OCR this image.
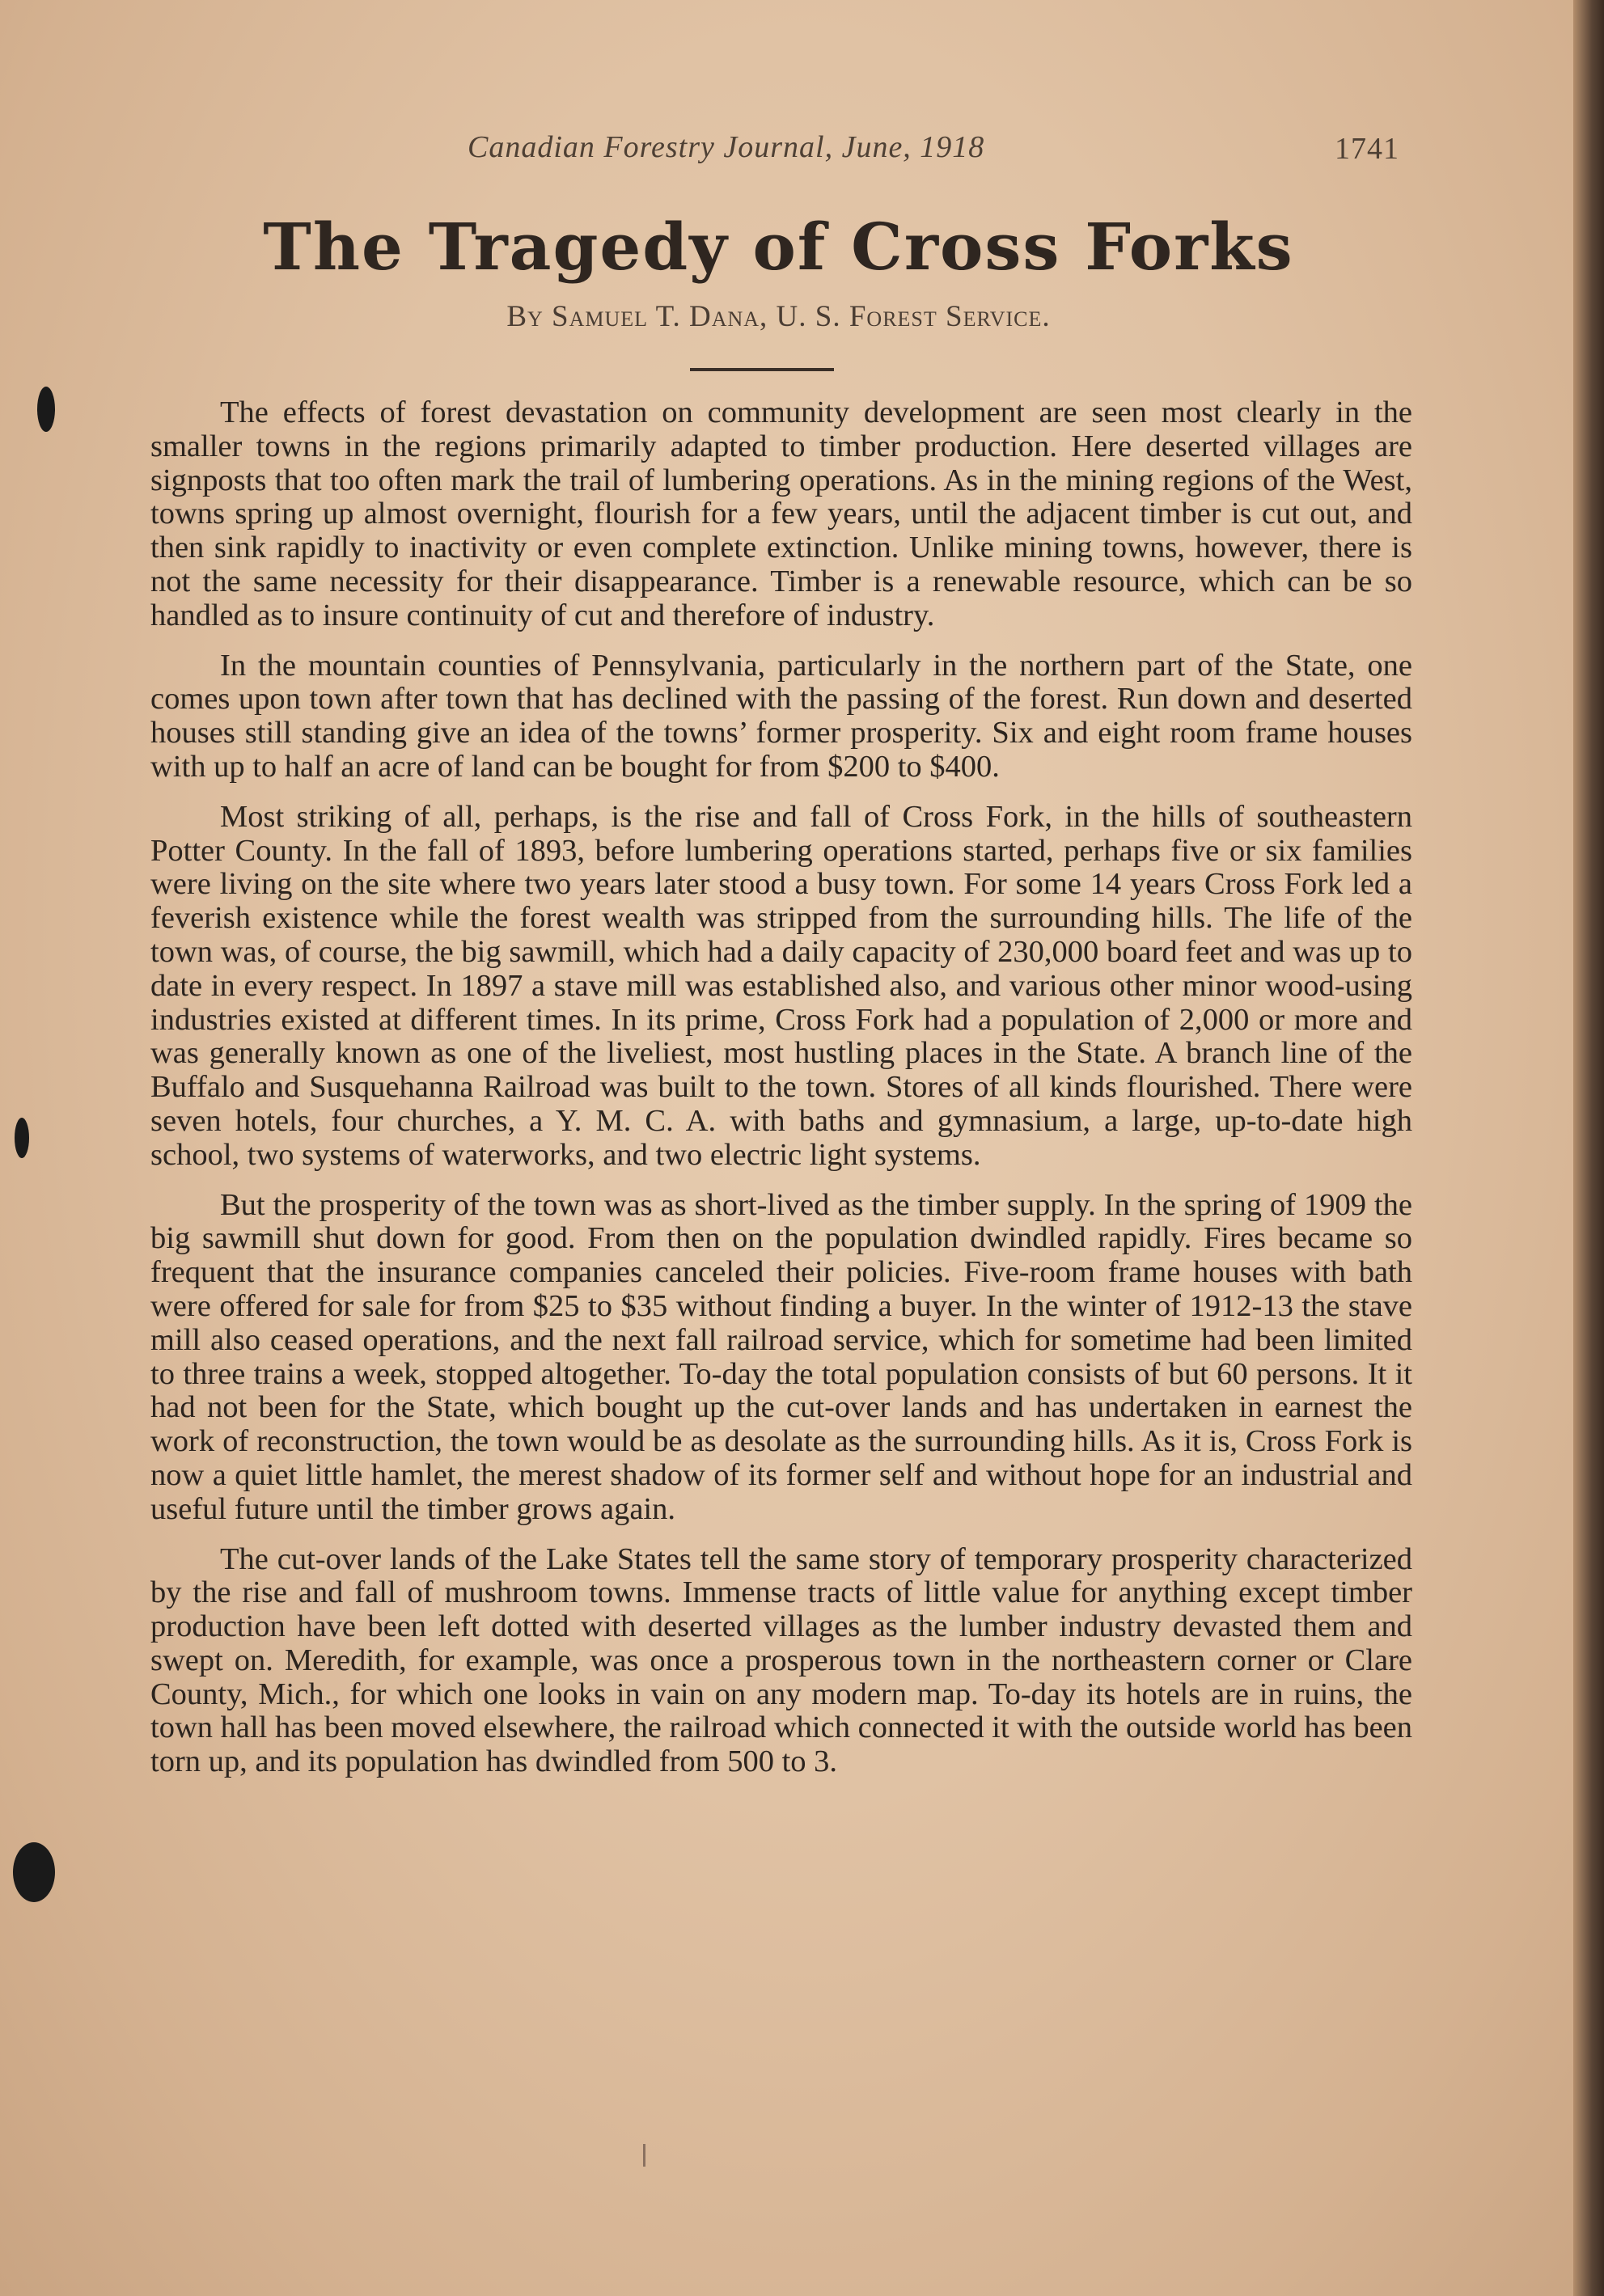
Canadian Forestry Journal, June, 1918	1741
The Tragedy of Cross Forks
By Samuel T. Dana, U. S. Forest Service.

The effects of forest devastation on community development are seen most clearly in the smaller towns in the regions primarily adapted to timber production. Here deserted villages are signposts that too often mark the trail of lumbering operations. As in the mining regions of the West, towns spring up almost overnight, flourish for a few years, until the adjacent timber is cut out, and then sink rapidly to inactivity or even complete extinction. Unlike mining towns, however, there is not the same necessity for their disappearance. Timber is a renewable resource, which can be so handled as to insure continuity of cut and therefore of industry.

In the mountain counties of Pennsylvania, particularly in the northern part of the State, one comes upon town after town that has declined with the passing of the forest. Run down and deserted houses still standing give an idea of the towns’ former prosperity. Six and eight room frame houses with up to half an acre of land can be bought for from $200 to $400.

Most striking of all, perhaps, is the rise and fall of Cross Fork, in the hills of southeastern Potter County. In the fall of 1893, before lumbering operations started, perhaps five or six families were living on the site where two years later stood a busy town. For some 14 years Cross Fork led a feverish existence while the forest wealth was stripped from the surrounding hills. The life of the town was, of course, the big sawmill, which had a daily capacity of 230,000 board feet and was up to date in every respect. In 1897 a stave mill was established also, and various other minor wood-using industries existed at different times. In its prime, Cross Fork had a population of 2,000 or more and was generally known as one of the liveliest, most hustling places in the State. A branch line of the Buffalo and Susquehanna Railroad was built to the town. Stores of all kinds flourished. There were seven hotels, four churches, a Y. M. C. A. with baths and gymnasium, a large, up-to-date high school, two systems of waterworks, and two electric light systems.

But the prosperity of the town was as short-lived as the timber supply. In the spring of 1909 the big sawmill shut down for good. From then on the population dwindled rapidly. Fires became so frequent that the insurance companies canceled their policies. Five-room frame houses with bath were offered for sale for from $25 to $35 without finding a buyer. In the winter of 1912-13 the stave mill also ceased operations, and the next fall railroad service, which for sometime had been limited to three trains a week, stopped altogether. To-day the total population consists of but 60 persons. It it had not been for the State, which bought up the cut-over lands and has undertaken in earnest the work of reconstruction, the town would be as desolate as the surrounding hills. As it is, Cross Fork is now a quiet little hamlet, the merest shadow of its former self and without hope for an industrial and useful future until the timber grows again.

The cut-over lands of the Lake States tell the same story of temporary prosperity characterized by the rise and fall of mushroom towns. Immense tracts of little value for anything except timber production have been left dotted with deserted villages as the lumber industry devasted them and swept on. Meredith, for example, was once a prosperous town in the northeastern corner or Clare County, Mich., for which one looks in vain on any modern map. To-day its hotels are in ruins, the town hall has been moved elsewhere, the railroad which connected it with the outside world has been torn up, and its population has dwindled from 500 to 3.
